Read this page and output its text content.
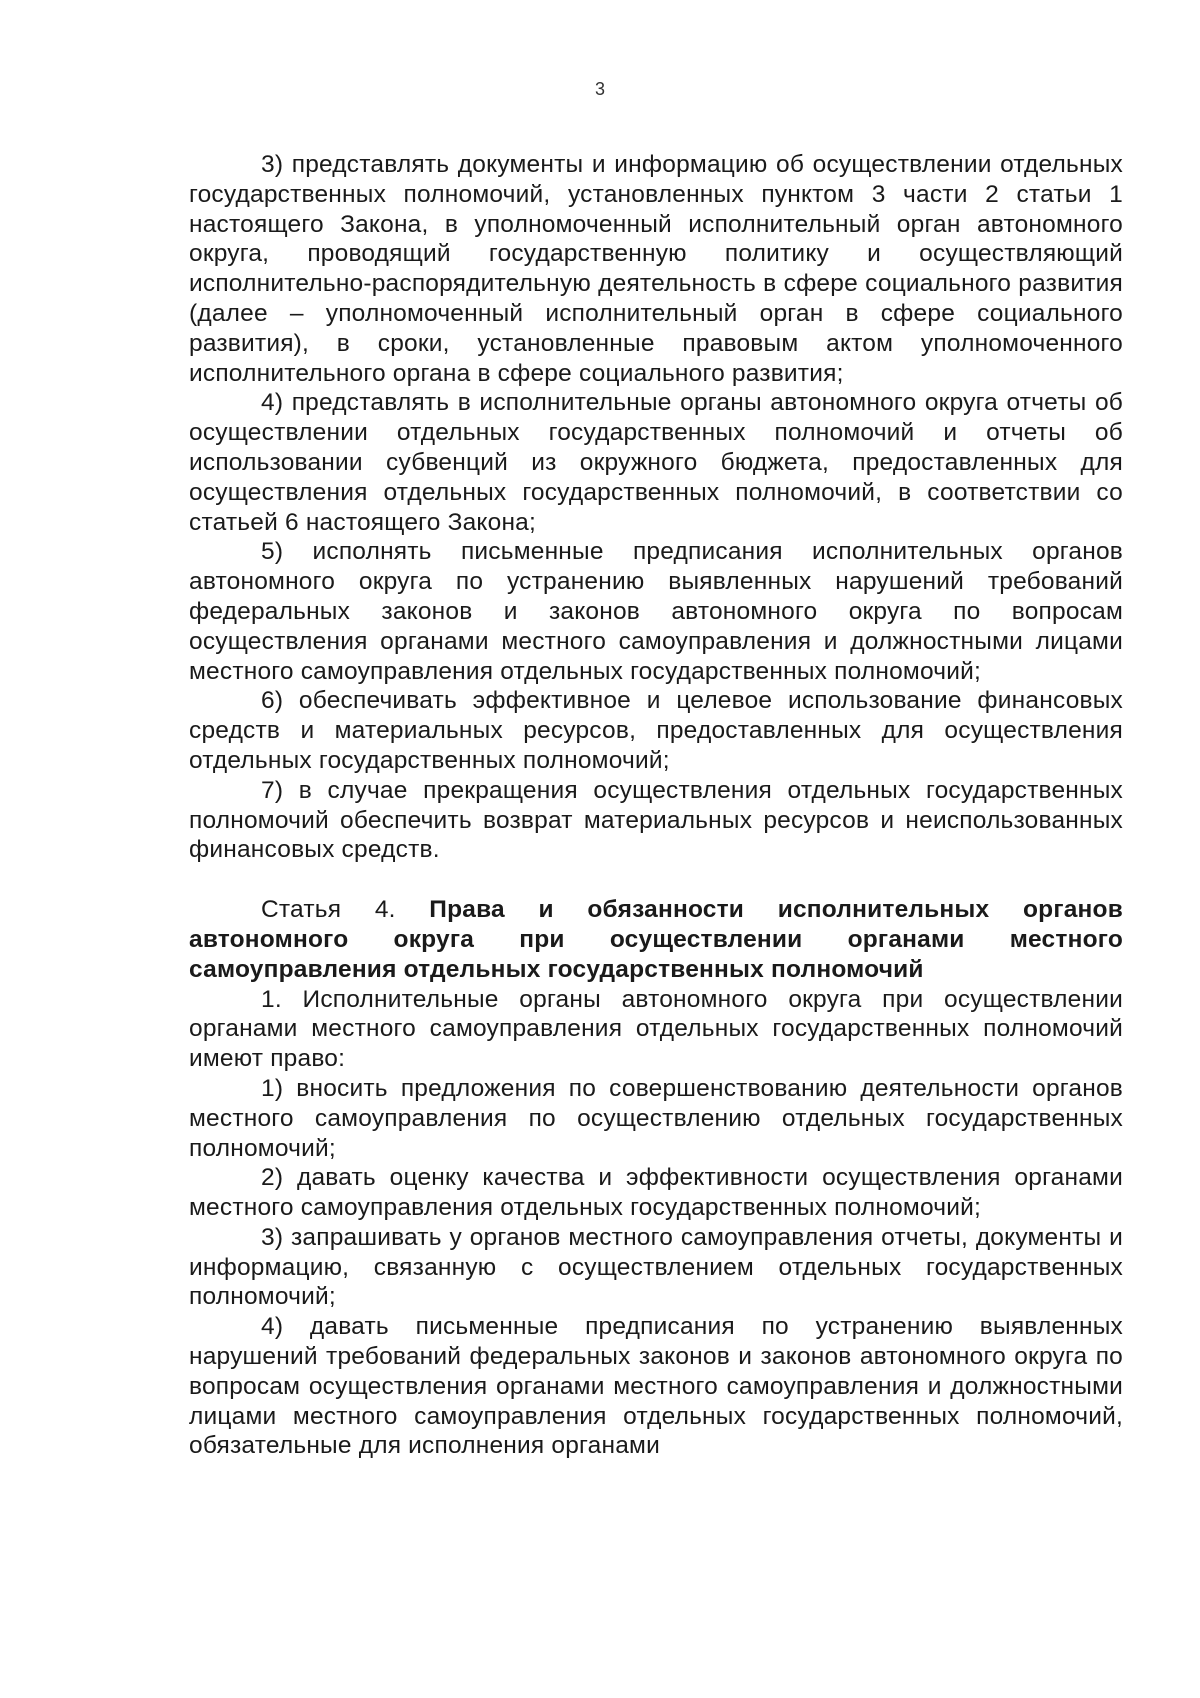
3

3) представлять документы и информацию об осуществлении отдельных государственных полномочий, установленных пунктом 3 части 2 статьи 1 настоящего Закона, в уполномоченный исполнительный орган автономного округа, проводящий государственную политику и осуществляющий исполнительно-распорядительную деятельность в сфере социального развития (далее – уполномоченный исполнительный орган в сфере социального развития), в сроки, установленные правовым актом уполномоченного исполнительного органа в сфере социального развития;

4) представлять в исполнительные органы автономного округа отчеты об осуществлении отдельных государственных полномочий и отчеты об использовании субвенций из окружного бюджета, предоставленных для осуществления отдельных государственных полномочий, в соответствии со статьей 6 настоящего Закона;

5) исполнять письменные предписания исполнительных органов автономного округа по устранению выявленных нарушений требований федеральных законов и законов автономного округа по вопросам осуществления органами местного самоуправления и должностными лицами местного самоуправления отдельных государственных полномочий;

6) обеспечивать эффективное и целевое использование финансовых средств и материальных ресурсов, предоставленных для осуществления отдельных государственных полномочий;

7) в случае прекращения осуществления отдельных государственных полномочий обеспечить возврат материальных ресурсов и неиспользованных финансовых средств.

Статья 4. Права и обязанности исполнительных органов автономного округа при осуществлении органами местного самоуправления отдельных государственных полномочий

1. Исполнительные органы автономного округа при осуществлении органами местного самоуправления отдельных государственных полномочий имеют право:

1) вносить предложения по совершенствованию деятельности органов местного самоуправления по осуществлению отдельных государственных полномочий;

2) давать оценку качества и эффективности осуществления органами местного самоуправления отдельных государственных полномочий;

3) запрашивать у органов местного самоуправления отчеты, документы и информацию, связанную с осуществлением отдельных государственных полномочий;

4) давать письменные предписания по устранению выявленных нарушений требований федеральных законов и законов автономного округа по вопросам осуществления органами местного самоуправления и должностными лицами местного самоуправления отдельных государственных полномочий, обязательные для исполнения органами
